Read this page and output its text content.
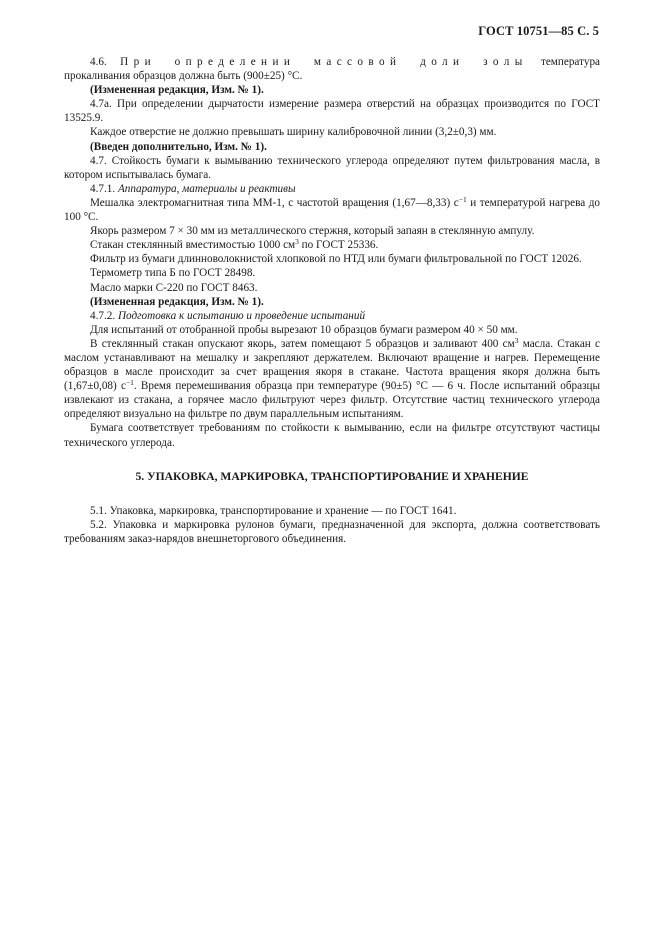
ГОСТ 10751—85 С. 5

4.6. При определении массовой доли золы температура прокаливания образцов должна быть (900±25) °С.

(Измененная редакция, Изм. № 1).

4.7а. При определении дырчатости измерение размера отверстий на образцах производится по ГОСТ 13525.9.

Каждое отверстие не должно превышать ширину калибровочной линии (3,2±0,3) мм.

(Введен дополнительно, Изм. № 1).

4.7. Стойкость бумаги к вымыванию технического углерода определяют путем фильтрования масла, в котором испытывалась бумага.

4.7.1. Аппаратура, материалы и реактивы

Мешалка электромагнитная типа ММ-1, с частотой вращения (1,67—8,33) $с^{-1}$ и температурой нагрева до 100 °С.

Якорь размером 7 × 30 мм из металлического стержня, который запаян в стеклянную ампулу.

Стакан стеклянный вместимостью 1000 $см^3$ по ГОСТ 25336.

Фильтр из бумаги длинноволокнистой хлопковой по НТД или бумаги фильтровальной по ГОСТ 12026.

Термометр типа Б по ГОСТ 28498.

Масло марки С-220 по ГОСТ 8463.

(Измененная редакция, Изм. № 1).

4.7.2. Подготовка к испытанию и проведение испытаний

Для испытаний от отобранной пробы вырезают 10 образцов бумаги размером 40 × 50 мм.

В стеклянный стакан опускают якорь, затем помещают 5 образцов и заливают 400 $см^3$ масла. Стакан с маслом устанавливают на мешалку и закрепляют держателем. Включают вращение и нагрев. Перемещение образцов в масле происходит за счет вращения якоря в стакане. Частота вращения якоря должна быть (1,67±0,08) $с^{-1}$. Время перемешивания образца при температуре (90±5) °С — 6 ч. После испытаний образцы извлекают из стакана, а горячее масло фильтруют через фильтр. Отсутствие частиц технического углерода определяют визуально на фильтре по двум параллельным испытаниям.

Бумага соответствует требованиям по стойкости к вымыванию, если на фильтре отсутствуют частицы технического углерода.

5. УПАКОВКА, МАРКИРОВКА, ТРАНСПОРТИРОВАНИЕ И ХРАНЕНИЕ

5.1. Упаковка, маркировка, транспортирование и хранение — по ГОСТ 1641.

5.2. Упаковка и маркировка рулонов бумаги, предназначенной для экспорта, должна соответствовать требованиям заказ-нарядов внешнеторгового объединения.
